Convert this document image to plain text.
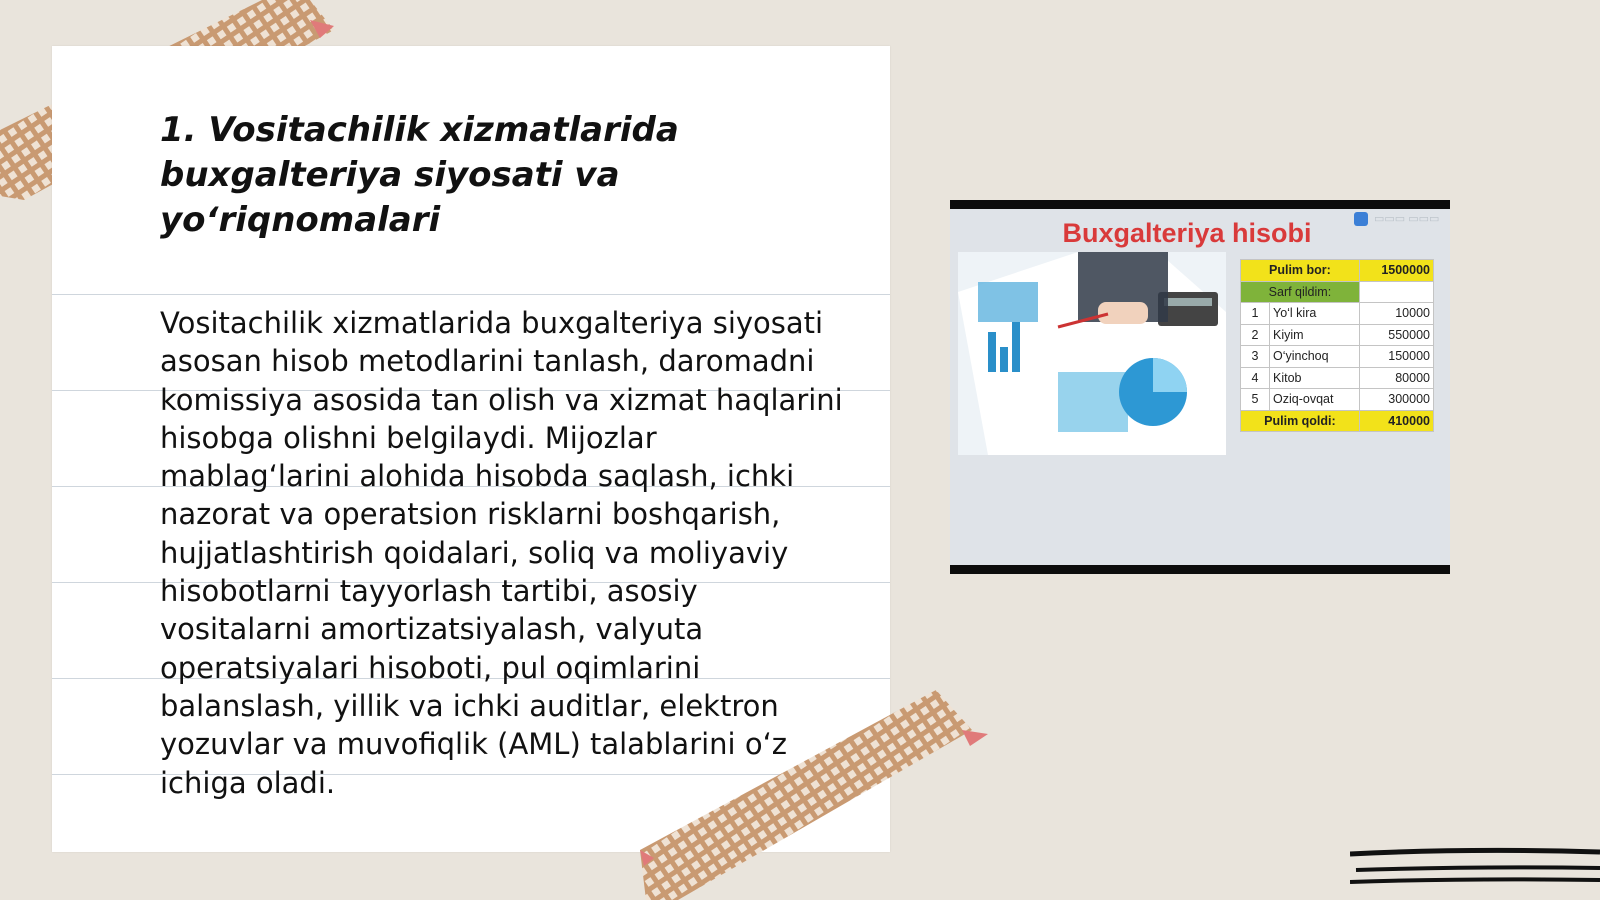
1. Vositachilik xizmatlarida buxgalteriya siyosati va yo‘riqnomalari

Vositachilik xizmatlarida buxgalteriya siyosati asosan hisob metodlarini tanlash, daromadni komissiya asosida tan olish va xizmat haqlarini hisobga olishni belgilaydi. Mijozlar mablag‘larini alohida hisobda saqlash, ichki nazorat va operatsion risklarni boshqarish, hujjatlashtirish qoidalari, soliq va moliyaviy hisobotlarni tayyorlash tartibi, asosiy vositalarni amortizatsiyalash, valyuta operatsiyalari hisoboti, pul oqimlarini balanslash, yillik va ichki auditlar, elektron yozuvlar va muvofiqlik (AML) talablarini o‘z ichiga oladi.

Buxgalteriya hisobi	▭▭▭ ▭▭▭
Pulim bor:		1500000
Sarf qildim:		
1	Yo‘l kira	10000
2	Kiyim	550000
3	O‘yinchoq	150000
4	Kitob	80000
5	Oziq-ovqat	300000
Pulim qoldi:		410000
